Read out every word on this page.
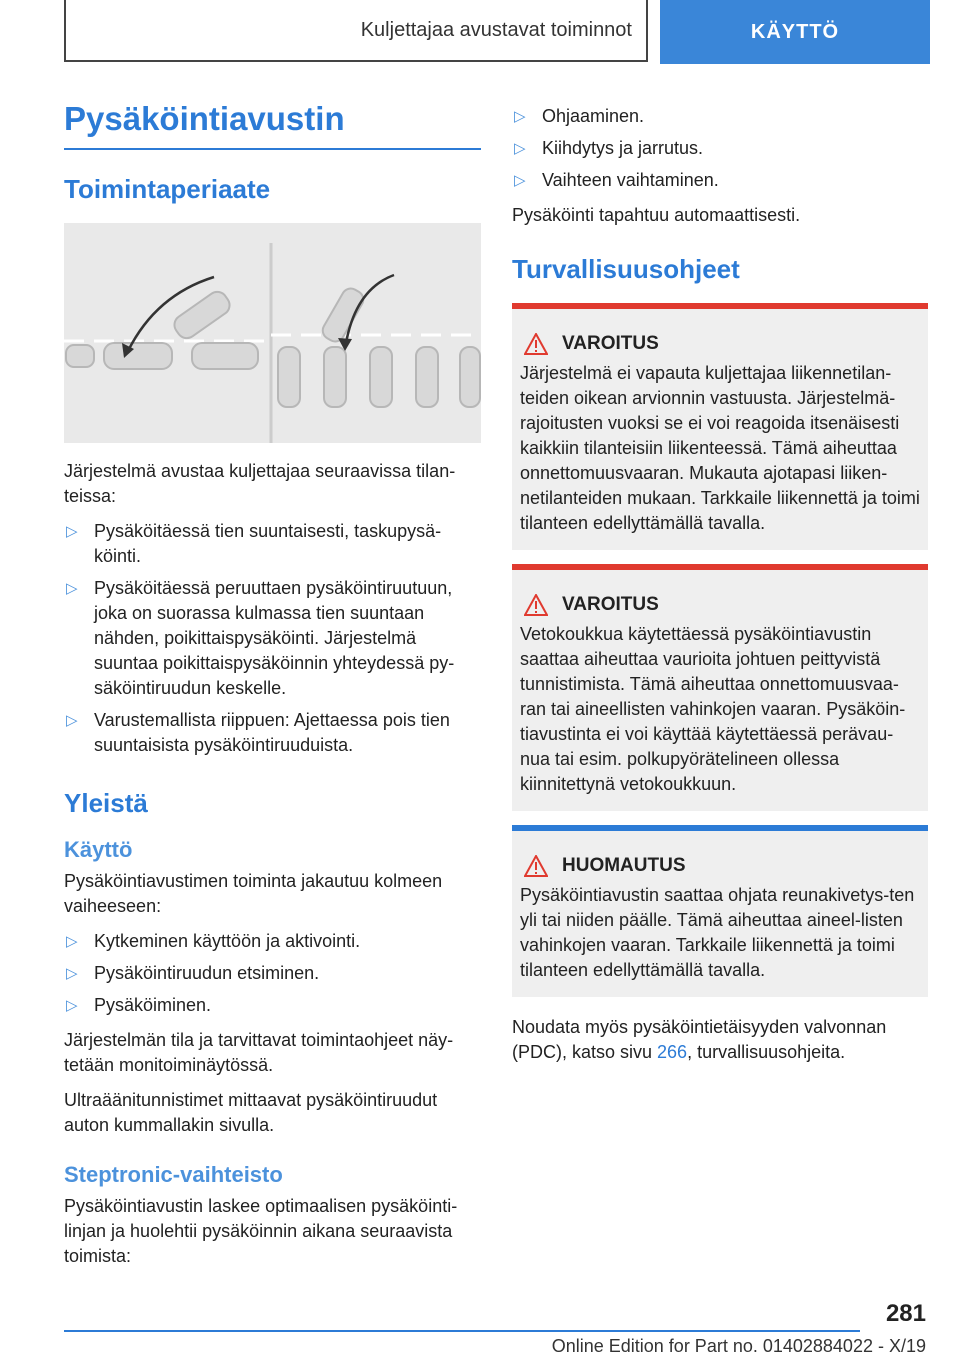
Kuljettajaa avustavat toiminnot	KÄYTTÖ
Pysäköintiavustin
Toimintaperiaate

Järjestelmä avustaa kuljettajaa seuraavissa tilan-teissa:

▷ Pysäköitäessä tien suuntaisesti, taskupysä-köinti.
▷ Pysäköitäessä peruuttaen pysäköintiruutuun, joka on suorassa kulmassa tien suuntaan nähden, poikittaispysäköinti. Järjestelmä suuntaa poikittaispysäköinnin yhteydessä py-säköintiruudun keskelle.
▷ Varustemallista riippuen: Ajettaessa pois tien suuntaisista pysäköintiruuduista.
Yleistä
Käyttö

Pysäköintiavustimen toiminta jakautuu kolmeen vaiheeseen:

▷ Kytkeminen käyttöön ja aktivointi.
▷ Pysäköintiruudun etsiminen.
▷ Pysäköiminen.

Järjestelmän tila ja tarvittavat toimintaohjeet näy-tetään monitoiminäytössä.

Ultraäänitunnistimet mittaavat pysäköintiruudut auton kummallakin sivulla.

Steptronic-vaihteisto

Pysäköintiavustin laskee optimaalisen pysäköinti-linjan ja huolehtii pysäköinnin aikana seuraavista toimista:

▷ Ohjaaminen.
▷ Kiihdytys ja jarrutus.
▷ Vaihteen vaihtaminen.

Pysäköinti tapahtuu automaattisesti.

Turvallisuusohjeet
VAROITUS

Järjestelmä ei vapauta kuljettajaa liikennetilan-teiden oikean arvionnin vastuusta. Järjestelmä-rajoitusten vuoksi se ei voi reagoida itsenäisesti kaikkiin tilanteisiin liikenteessä. Tämä aiheuttaa onnettomuusvaaran. Mukauta ajotapasi liiken-netilanteiden mukaan. Tarkkaile liikennettä ja toimi tilanteen edellyttämällä tavalla.

VAROITUS

Vetokoukkua käytettäessä pysäköintiavustin saattaa aiheuttaa vaurioita johtuen peittyvistä tunnistimista. Tämä aiheuttaa onnettomuusvaa-ran tai aineellisten vahinkojen vaaran. Pysäköin-tiavustinta ei voi käyttää käytettäessä perävau-nua tai esim. polkupyörätelineen ollessa kiinnitettynä vetokoukkuun.

HUOMAUTUS

Pysäköintiavustin saattaa ohjata reunakivetys-ten yli tai niiden päälle. Tämä aiheuttaa aineel-listen vahinkojen vaaran. Tarkkaile liikennettä ja toimi tilanteen edellyttämällä tavalla.

Noudata myös pysäköintietäisyyden valvonnan (PDC), katso sivu 266, turvallisuusohjeita.

281
Online Edition for Part no. 01402884022 - X/19
